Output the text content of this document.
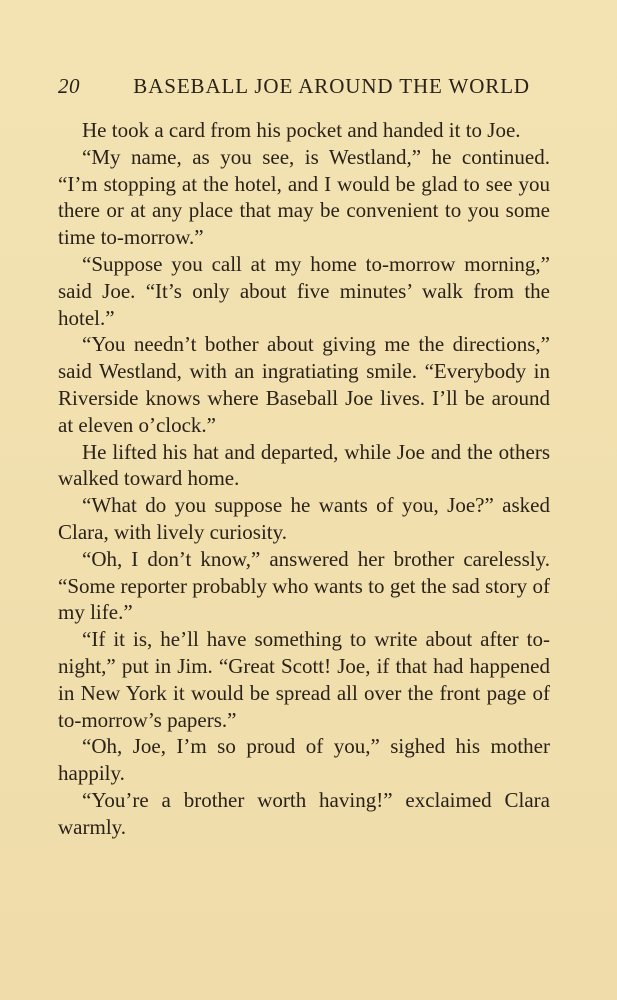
20	BASEBALL JOE AROUND THE WORLD

He took a card from his pocket and handed it to Joe.

“My name, as you see, is Westland,” he continued. “I’m stopping at the hotel, and I would be glad to see you there or at any place that may be convenient to you some time to-morrow.”

“Suppose you call at my home to-morrow morning,” said Joe. “It’s only about five minutes’ walk from the hotel.”

“You needn’t bother about giving me the directions,” said Westland, with an ingratiating smile. “Everybody in Riverside knows where Baseball Joe lives. I’ll be around at eleven o’clock.”

He lifted his hat and departed, while Joe and the others walked toward home.

“What do you suppose he wants of you, Joe?” asked Clara, with lively curiosity.

“Oh, I don’t know,” answered her brother carelessly. “Some reporter probably who wants to get the sad story of my life.”

“If it is, he’ll have something to write about after to-night,” put in Jim. “Great Scott! Joe, if that had happened in New York it would be spread all over the front page of to-morrow’s papers.”

“Oh, Joe, I’m so proud of you,” sighed his mother happily.

“You’re a brother worth having!” exclaimed Clara warmly.
